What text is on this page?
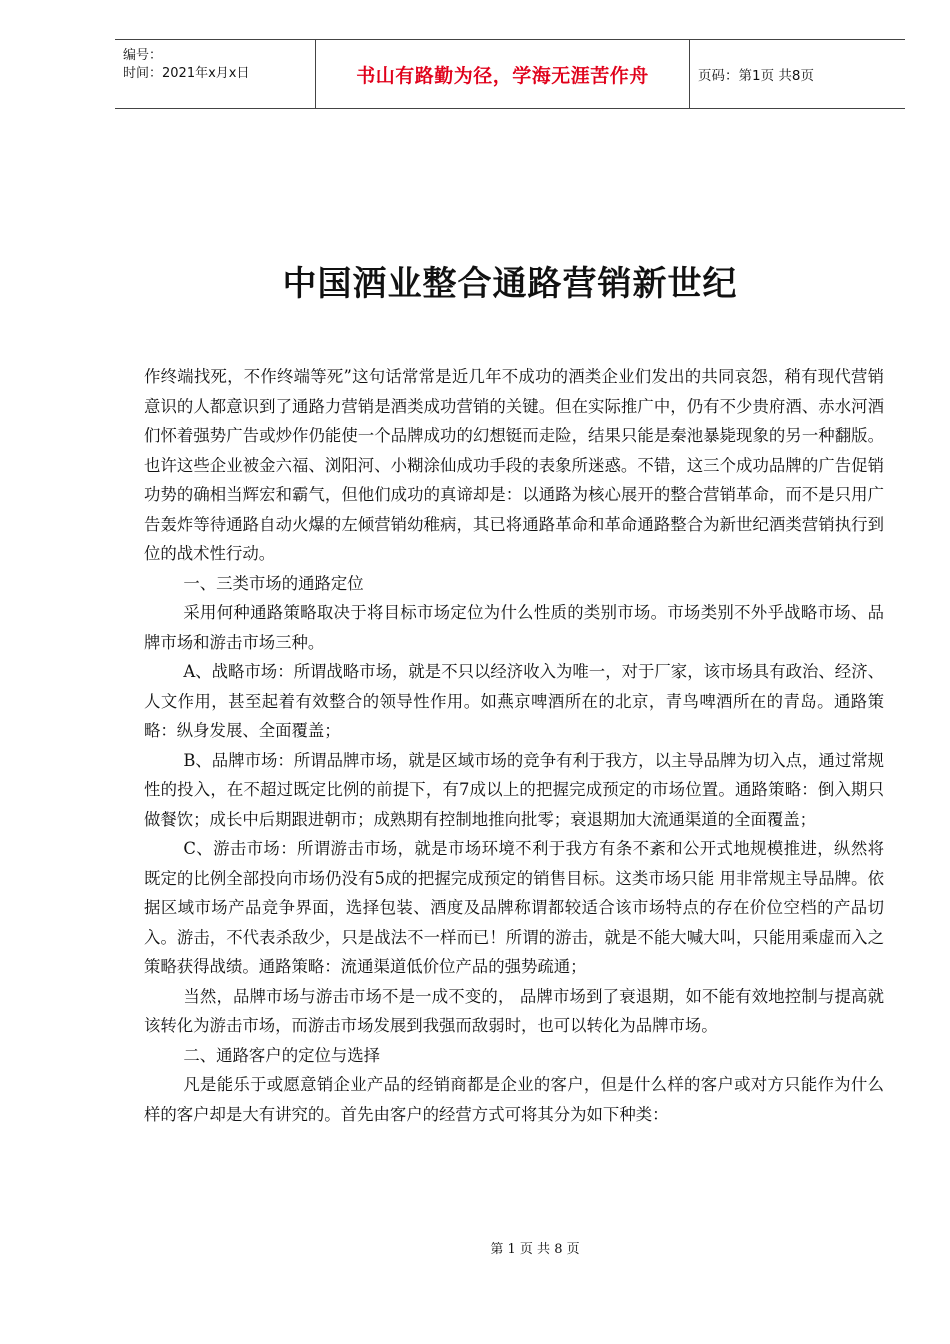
编号：
时间：2021年x月x日	书山有路勤为径，学海无涯苦作舟	页码：第1页 共8页
中国酒业整合通路营销新世纪

作终端找死，不作终端等死”这句话常常是近几年不成功的酒类企业们发出的共同哀怨，稍有现代营销意识的人都意识到了通路力营销是酒类成功营销的关键。但在实际推广中，仍有不少贵府酒、赤水河酒们怀着强势广告或炒作仍能使一个品牌成功的幻想铤而走险，结果只能是秦池暴毙现象的另一种翻版。也许这些企业被金六福、浏阳河、小糊涂仙成功手段的表象所迷惑。不错，这三个成功品牌的广告促销功势的确相当辉宏和霸气，但他们成功的真谛却是：以通路为核心展开的整合营销革命，而不是只用广告轰炸等待通路自动火爆的左倾营销幼稚病，其已将通路革命和革命通路整合为新世纪酒类营销执行到位的战术性行动。

一、三类市场的通路定位

采用何种通路策略取决于将目标市场定位为什么性质的类别市场。市场类别不外乎战略市场、品牌市场和游击市场三种。

A、战略市场：所谓战略市场，就是不只以经济收入为唯一，对于厂家，该市场具有政治、经济、人文作用，甚至起着有效整合的领导性作用。如燕京啤酒所在的北京，青鸟啤酒所在的青岛。通路策略：纵身发展、全面覆盖；

B、品牌市场：所谓品牌市场，就是区域市场的竞争有利于我方，以主导品牌为切入点，通过常规性的投入，在不超过既定比例的前提下，有7成以上的把握完成预定的市场位置。通路策略：倒入期只做餐饮；成长中后期跟进朝市；成熟期有控制地推向批零；衰退期加大流通渠道的全面覆盖；

C、游击市场：所谓游击市场，就是市场环境不利于我方有条不紊和公开式地规模推进，纵然将既定的比例全部投向市场仍没有5成的把握完成预定的销售目标。这类市场只能 用非常规主导品牌。依据区域市场产品竞争界面，选择包装、酒度及品牌称谓都较适合该市场特点的存在价位空档的产品切入。游击，不代表杀敌少，只是战法不一样而已！所谓的游击，就是不能大喊大叫，只能用乘虚而入之策略获得战绩。通路策略：流通渠道低价位产品的强势疏通；

当然，品牌市场与游击市场不是一成不变的， 品牌市场到了衰退期，如不能有效地控制与提高就该转化为游击市场，而游击市场发展到我强而敌弱时，也可以转化为品牌市场。

二、通路客户的定位与选择

凡是能乐于或愿意销企业产品的经销商都是企业的客户，但是什么样的客户或对方只能作为什么样的客户却是大有讲究的。首先由客户的经营方式可将其分为如下种类：

第 1 页 共 8 页
